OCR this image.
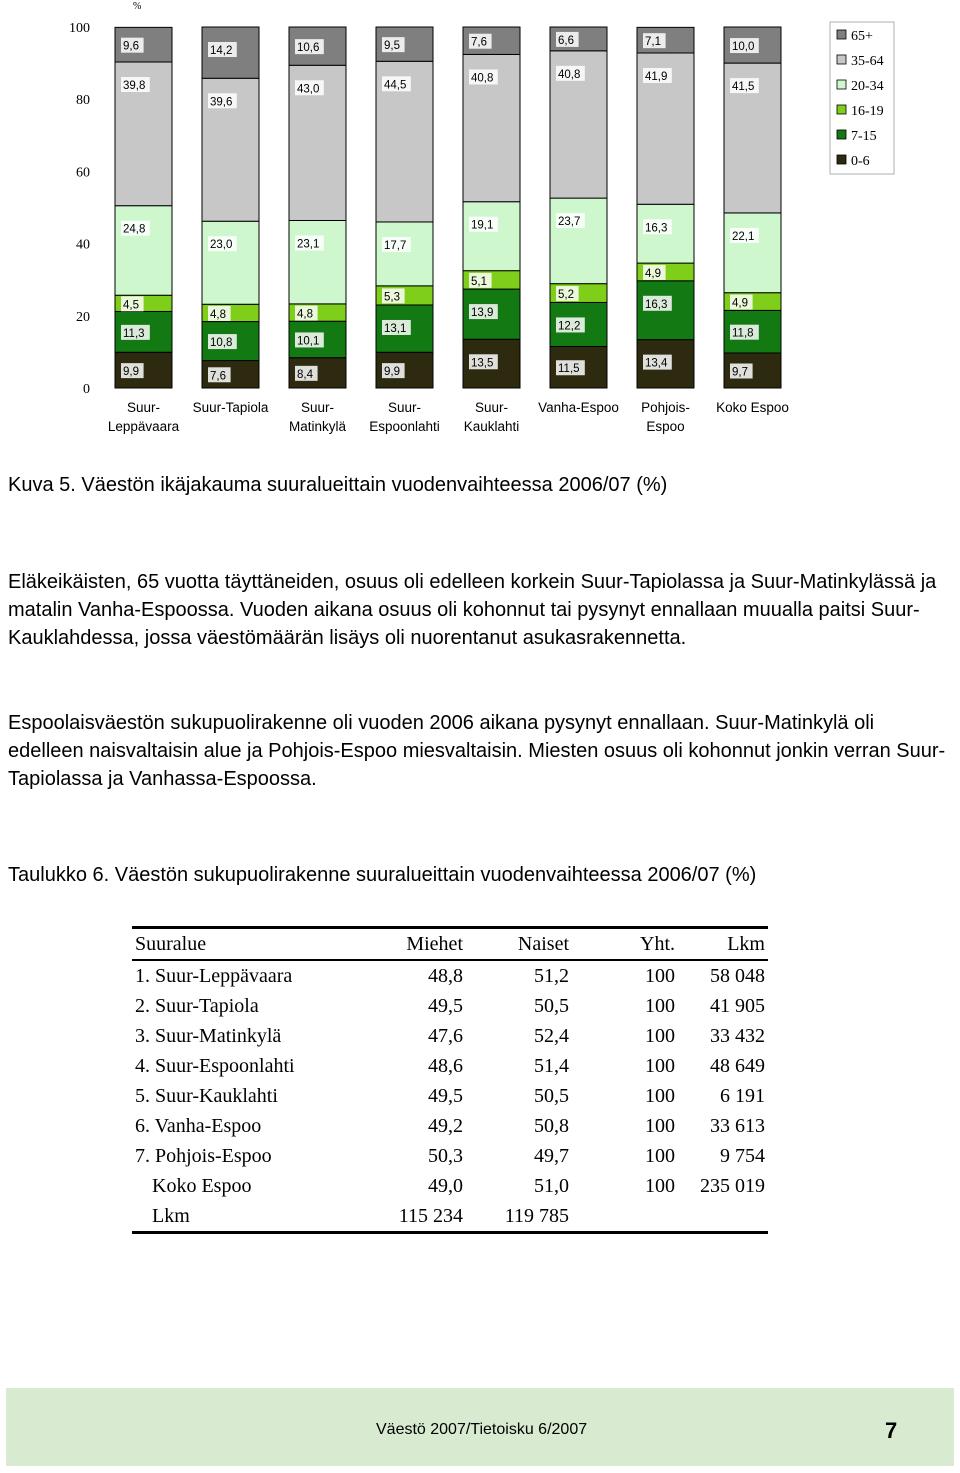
%
0
20
40
60
80
100
9,9
11,3
4,5
24,8
39,8
9,6
Suur-
Leppävaara
7,6
10,8
4,8
23,0
39,6
14,2
Suur-Tapiola
8,4
10,1
4,8
23,1
43,0
10,6
Suur-
Matinkylä
9,9
13,1
5,3
17,7
44,5
9,5
Suur-
Espoonlahti
13,5
13,9
5,1
19,1
40,8
7,6
Suur-
Kauklahti
11,5
12,2
5,2
23,7
40,8
6,6
Vanha-Espoo
13,4
16,3
4,9
16,3
41,9
7,1
Pohjois-
Espoo
9,7
11,8
4,9
22,1
41,5
10,0
Koko Espoo
65+
35-64
20-34
16-19
7-15
0-6
Kuva 5. Väestön ikäjakauma suuralueittain vuodenvaihteessa 2006/07 (%)
Eläkeikäisten, 65 vuotta täyttäneiden, osuus oli edelleen korkein Suur-Tapiolassa ja Suur-Matinkylässä ja matalin Vanha-Espoossa. Vuoden aikana osuus oli kohonnut tai pysynyt ennallaan muualla paitsi Suur-Kauklahdessa, jossa väestömäärän lisäys oli nuorentanut asukasrakennetta.
Espoolaisväestön sukupuolirakenne oli vuoden 2006 aikana pysynyt ennallaan. Suur-Matinkylä oli edelleen naisvaltaisin alue ja Pohjois-Espoo miesvaltaisin. Miesten osuus oli kohonnut jonkin verran Suur-Tapiolassa ja Vanhassa-Espoossa.
Taulukko 6. Väestön sukupuolirakenne suuralueittain vuodenvaihteessa 2006/07 (%)
Suuralue	Miehet	Naiset	Yht.	Lkm
1. Suur-Leppävaara	48,8	51,2	100	58 048
2. Suur-Tapiola	49,5	50,5	100	41 905
3. Suur-Matinkylä	47,6	52,4	100	33 432
4. Suur-Espoonlahti	48,6	51,4	100	48 649
5. Suur-Kauklahti	49,5	50,5	100	6 191
6. Vanha-Espoo	49,2	50,8	100	33 613
7. Pohjois-Espoo	50,3	49,7	100	9 754
Koko Espoo	49,0	51,0	100	235 019
Lkm	115 234	119 785		
Väestö 2007/Tietoisku 6/2007	7
